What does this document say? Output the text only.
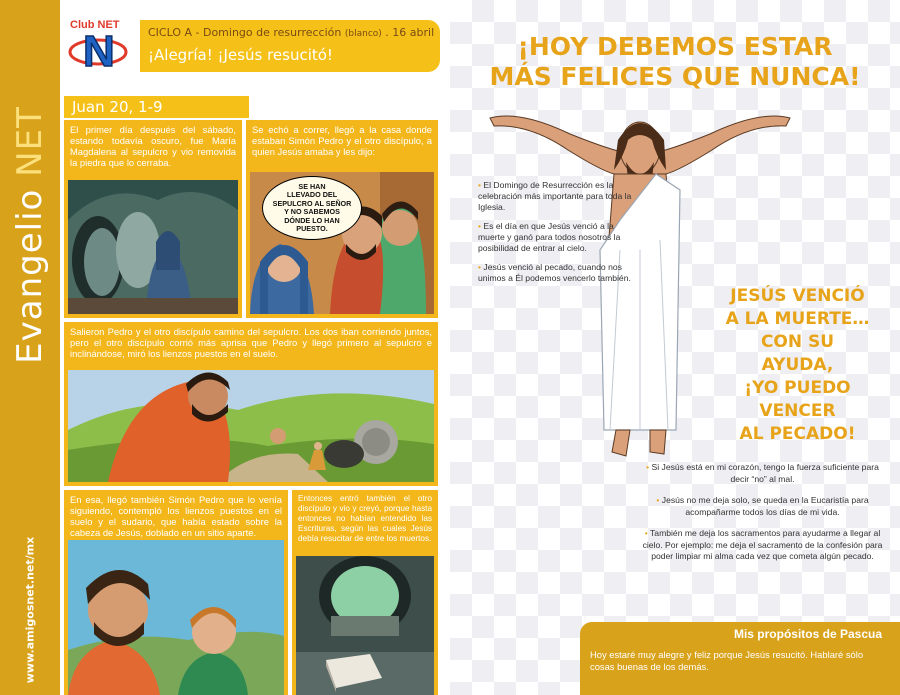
Evangelio NET
www.amigosnet.net/mx
Club NET
N	CICLO A - Domingo de resurrección (blanco) . 16 abril
¡Alegría! ¡Jesús resucitó!
Juan 20, 1-9
El primer día después del sábado, estando todavía oscuro, fue María Magdalena al sepulcro y vio removida la piedra que lo cerraba.
Se echó a correr, llegó a la casa donde estaban Simón Pedro y el otro discípulo, a quien Jesús amaba y les dijo:
SE HAN
LLEVADO DEL
SEPULCRO AL SEÑOR
Y NO SABEMOS
DÓNDE LO HAN
PUESTO.
Salieron Pedro y el otro discípulo camino del sepulcro. Los dos iban corriendo juntos, pero el otro discípulo corrió más aprisa que Pedro y llegó primero al sepulcro e inclinándose, miró los lienzos puestos en el suelo.
En esa, llegó también Simón Pedro que lo venía siguiendo, contempló los lienzos puestos en el suelo y el sudario, que había estado sobre la cabeza de Jesús, doblado en un sitio aparte.
Entonces entró también el otro discípulo y vio y creyó, porque hasta entonces no habían entendido las Escrituras, según las cuales Jesús debía resucitar de entre los muertos.
¡HOY DEBEMOS ESTAR
MÁS FELICES QUE NUNCA!
• El Domingo de Resurrección es la celebración más importante para toda la Iglesia.
• Es el día en que Jesús venció a la muerte y ganó para todos nosotros la posibilidad de entrar al cielo.
• Jesús venció al pecado, cuando nos unimos a Él podemos vencerlo también.
JESÚS VENCIÓ
A LA MUERTE…
CON SU
AYUDA,
¡YO PUEDO
VENCER
AL PECADO!
• Si Jesús está en mi corazón, tengo la fuerza suficiente para decir “no” al mal.
• Jesús no me deja solo, se queda en la Eucaristía para acompañarme todos los días de mi vida.
• También me deja los sacramentos para ayudarme a llegar al cielo. Por ejemplo: me deja el sacramento de la confesión para poder limpiar mi alma cada vez que cometa algún pecado.
Mis propósitos de Pascua
Hoy estaré muy alegre y feliz porque Jesús resucitó. Hablaré sólo cosas buenas de los demás.
